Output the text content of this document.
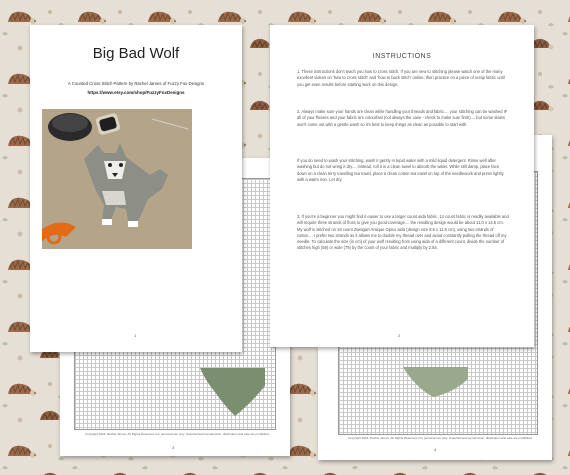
Copyright 2016, Rachel James, All Rights Reserved. For personal use only. Unauthorised reproduction, distribution and sale are prohibited.
3
Copyright 2016, Rachel James, All Rights Reserved. For personal use only. Unauthorised reproduction, distribution and sale are prohibited.
4
Big Bad Wolf
A Counted Cross Stitch Pattern by Rachel James of Fuzzy Fox Designs
https://www.etsy.com/shop/FuzzyFoxDesigns
1
INSTRUCTIONS

1. These instructions don't teach you how to cross stitch. If you are new to stitching please watch one of the many excellent videos on 'how to cross stitch' and 'how to back stitch' online; then practice on a piece of scrap fabric until you get even results before starting work on this design.

2. Always make sure your hands are clean while handling your threads and fabric.... your stitching can be washed IF all of your flosses and your fabric are colourfast (not always the case - check to make sure first!).... but some stains won't come out with a gentle wash so it's best to keep things as clean as possible to start with.

If you do need to wash your stitching, wash it gently in tepid water with a mild liquid detergent. Rinse well after washing but do not wring it dry.... instead, roll it in a clean towel to absorb the water. While still damp, place face down on a clean terry towelling tea towel, place a clean cotton tea towel on top of the needlework and press lightly with a warm iron. Let dry.

3. If you're a beginner you might find it easier to use a larger count aida fabric. 14 count fabric is readily available and will require three strands of floss to give you good coverage.... the resulting design would be about 11.0 x 14.5 cm. My wolf is stitched on 18 count Zweigart Antique Opico aida (design size 8.5 x 11.5 cm), using two strands of cotton.... I prefer two strands as it allows me to double my thread over and avoid constantly pulling the thread off my needle. To calculate the size (in cm) of your wolf resulting from using aida of a different count, divide the number of stitches high (59) or wide (79) by the count of your fabric and multiply by 2.54.

2
